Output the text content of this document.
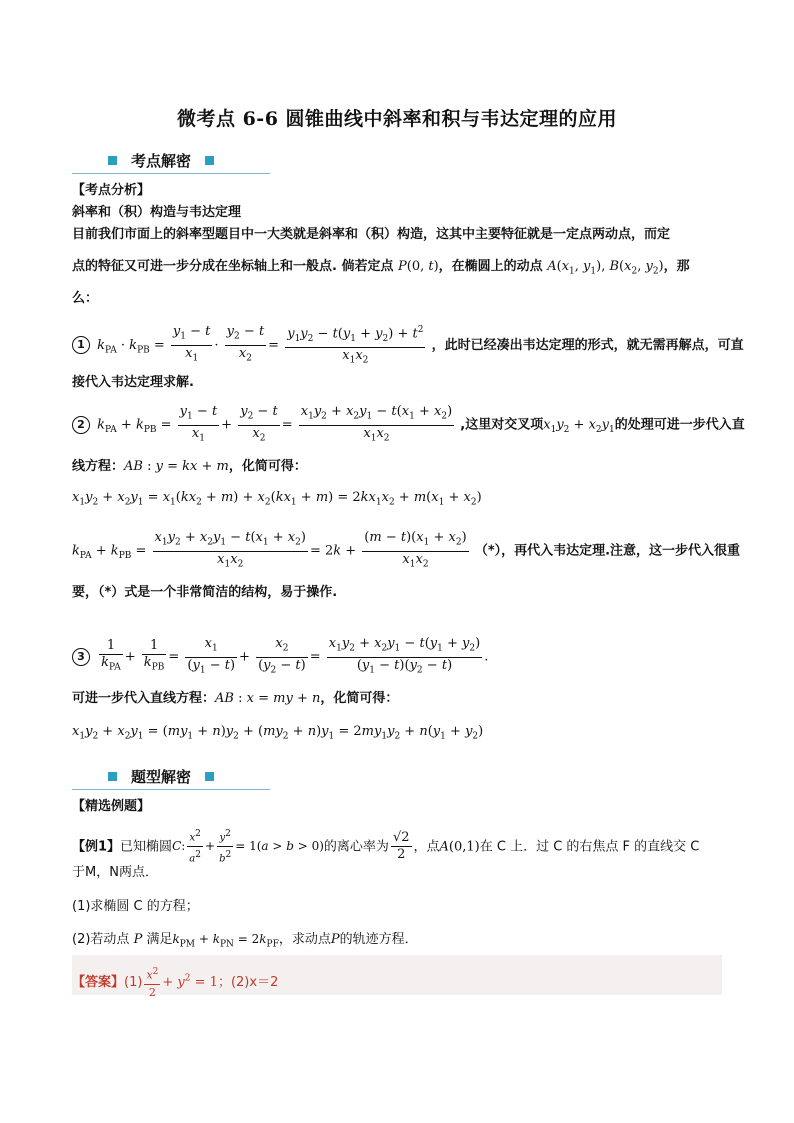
微考点 6-6 圆锥曲线中斜率和积与韦达定理的应用
考点解密
【考点分析】
斜率和（积）构造与韦达定理
目前我们市面上的斜率型题目中一大类就是斜率和（积）构造，这其中主要特征就是一定点两动点，而定
点的特征又可进一步分成在坐标轴上和一般点. 倘若定点 P(0, t)，在椭圆上的动点 $A(x_1$, $y_1$), $B(x_2$, $y_2$)，那
么：
1 $k_{PA} \cdot k_{PB} = \frac{y_1 - t}{x_1} \cdot \frac{y_2 - t}{x_2} = \frac{y_1y_2 - t(y_1 + y_2) + t^2}{x_1x_2}$ ，此时已经凑出韦达定理的形式，就无需再解点，可直
接代入韦达定理求解.
2 $k_{PA} + k_{PB} = \frac{y_1 - t}{x_1} + \frac{y_2 - t}{x_2} = \frac{x_1y_2 + x_2y_1 - t(x_1 + x_2)}{x_1x_2}$ ,这里对交叉项$x_1y_2 + x_2y_1$的处理可进一步代入直
线方程：AB : y = kx + m，化简可得：
$x_1y_2 + x_2y_1 = x_1(kx_2 + m) + x_2(kx_1 + m) = 2kx_1x_2 + m(x_1 + x_2)$
$k_{PA} + k_{PB} = \frac{x_1y_2 + x_2y_1 - t(x_1 + x_2)}{x_1x_2} = 2k + \frac{(m - t)(x_1 + x_2)}{x_1x_2}$ （*），再代入韦达定理.注意，这一步代入很重
要，（*）式是一个非常简洁的结构，易于操作.
$3 \frac{1}{k_{PA}} + \frac{1}{k_{PB}} = \frac{x_1}{(y_1 - t)} + \frac{x_2}{(y_2 - t)} = \frac{x_1y_2 + x_2y_1 - t(y_1 + y_2)}{(y_1 - t)(y_2 - t)}$ .
可进一步代入直线方程：AB : x = my + n，化简可得：
$x_1y_2 + x_2y_1 = (my_1 + n)y_2 + (my_2 + n)y_1 = 2my_1y_2 + n(y_1 + y_2)$
题型解密
【精选例题】
【例1】已知椭圆C: $\frac{x^2}{a^2} + \frac{y^2}{b^2} = 1(a > b > 0)$的离心率为 $\frac{√2}{2}$ ，点A(0,1)在 C 上．过 C 的右焦点 F 的直线交 C
于M，N两点．
(1)求椭圆 C 的方程；
(2)若动点 P 满足$k_{PM} + k_{PN} = 2k_{PF}$，求动点P的轨迹方程．
【答案】$(1) \frac{x^2}{2} + y^2 = 1$；(2)x＝2
